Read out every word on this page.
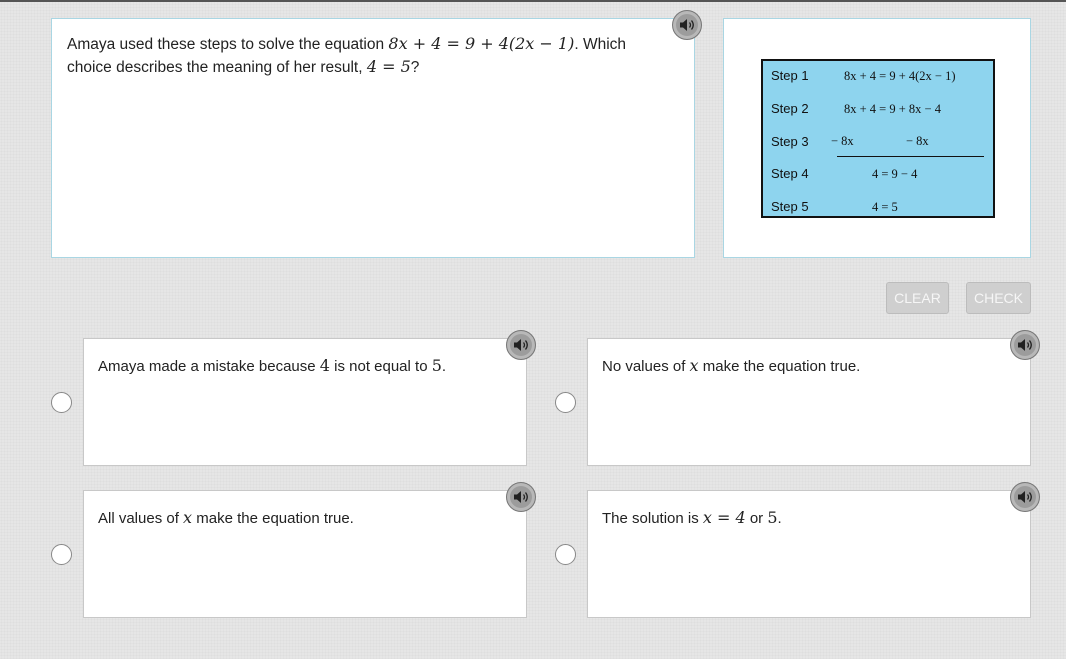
Amaya used these steps to solve the equation 8x + 4 = 9 + 4(2x − 1). Which choice describes the meaning of her result, 4 = 5?	Step 1	8x + 4 = 9 + 4(2x − 1)
Step 2	8x + 4 = 9 + 8x − 4
Step 3 − 8x	− 8x
Step 4	4 = 9 − 4
Step 5	4 = 5
CLEAR	CHECK
Amaya made a mistake because 4 is not equal to 5.	No values of x make the equation true.
All values of x make the equation true.	The solution is x = 4 or 5.
